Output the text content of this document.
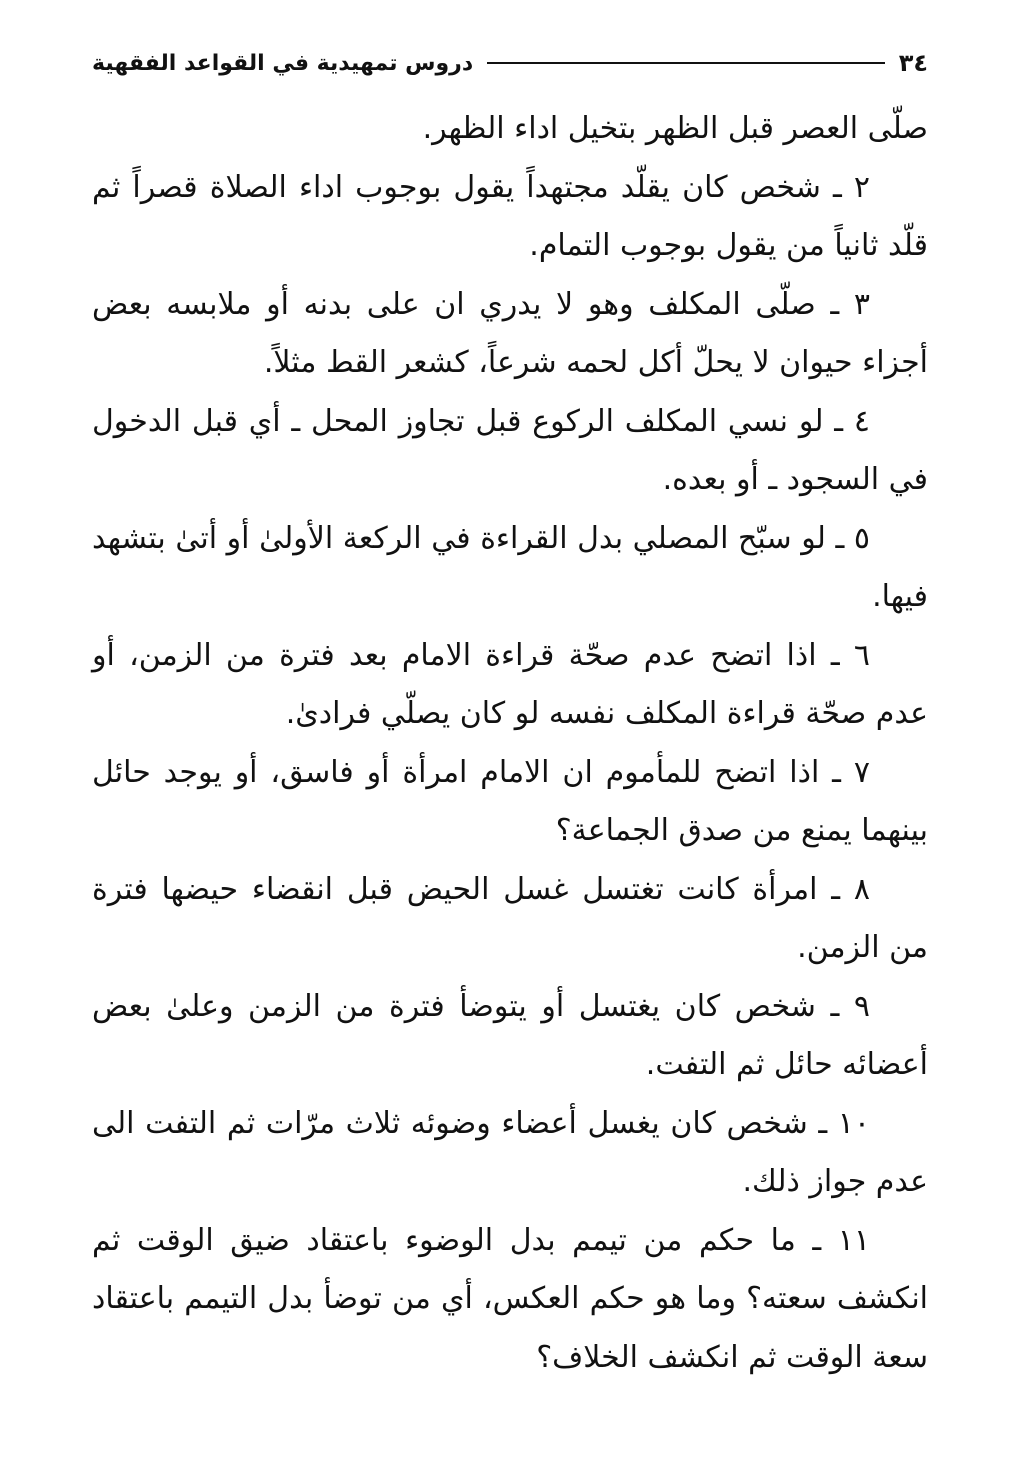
٣٤
دروس تمهيدية في القواعد الفقهية

صلّى العصر قبل الظهر بتخيل اداء الظهر.

٢ ـ شخص كان يقلّد مجتهداً يقول بوجوب اداء الصلاة قصراً ثم قلّد ثانياً من يقول بوجوب التمام.

٣ ـ صلّى المكلف وهو لا يدري ان على بدنه أو ملابسه بعض أجزاء حيوان لا يحلّ أكل لحمه شرعاً، كشعر القط مثلاً.

٤ ـ لو نسي المكلف الركوع قبل تجاوز المحل ـ أي قبل الدخول في السجود ـ أو بعده.

٥ ـ لو سبّح المصلي بدل القراءة في الركعة الأولىٰ أو أتىٰ بتشهد فيها.

٦ ـ اذا اتضح عدم صحّة قراءة الامام بعد فترة من الزمن، أو عدم صحّة قراءة المكلف نفسه لو كان يصلّي فرادىٰ.

٧ ـ اذا اتضح للمأموم ان الامام امرأة أو فاسق، أو يوجد حائل بينهما يمنع من صدق الجماعة؟

٨ ـ امرأة كانت تغتسل غسل الحيض قبل انقضاء حيضها فترة من الزمن.

٩ ـ شخص كان يغتسل أو يتوضأ فترة من الزمن وعلىٰ بعض أعضائه حائل ثم التفت.

١٠ ـ شخص كان يغسل أعضاء وضوئه ثلاث مرّات ثم التفت الى عدم جواز ذلك.

١١ ـ ما حكم من تيمم بدل الوضوء باعتقاد ضيق الوقت ثم انكشف سعته؟ وما هو حكم العكس، أي من توضأ بدل التيمم باعتقاد سعة الوقت ثم انكشف الخلاف؟
